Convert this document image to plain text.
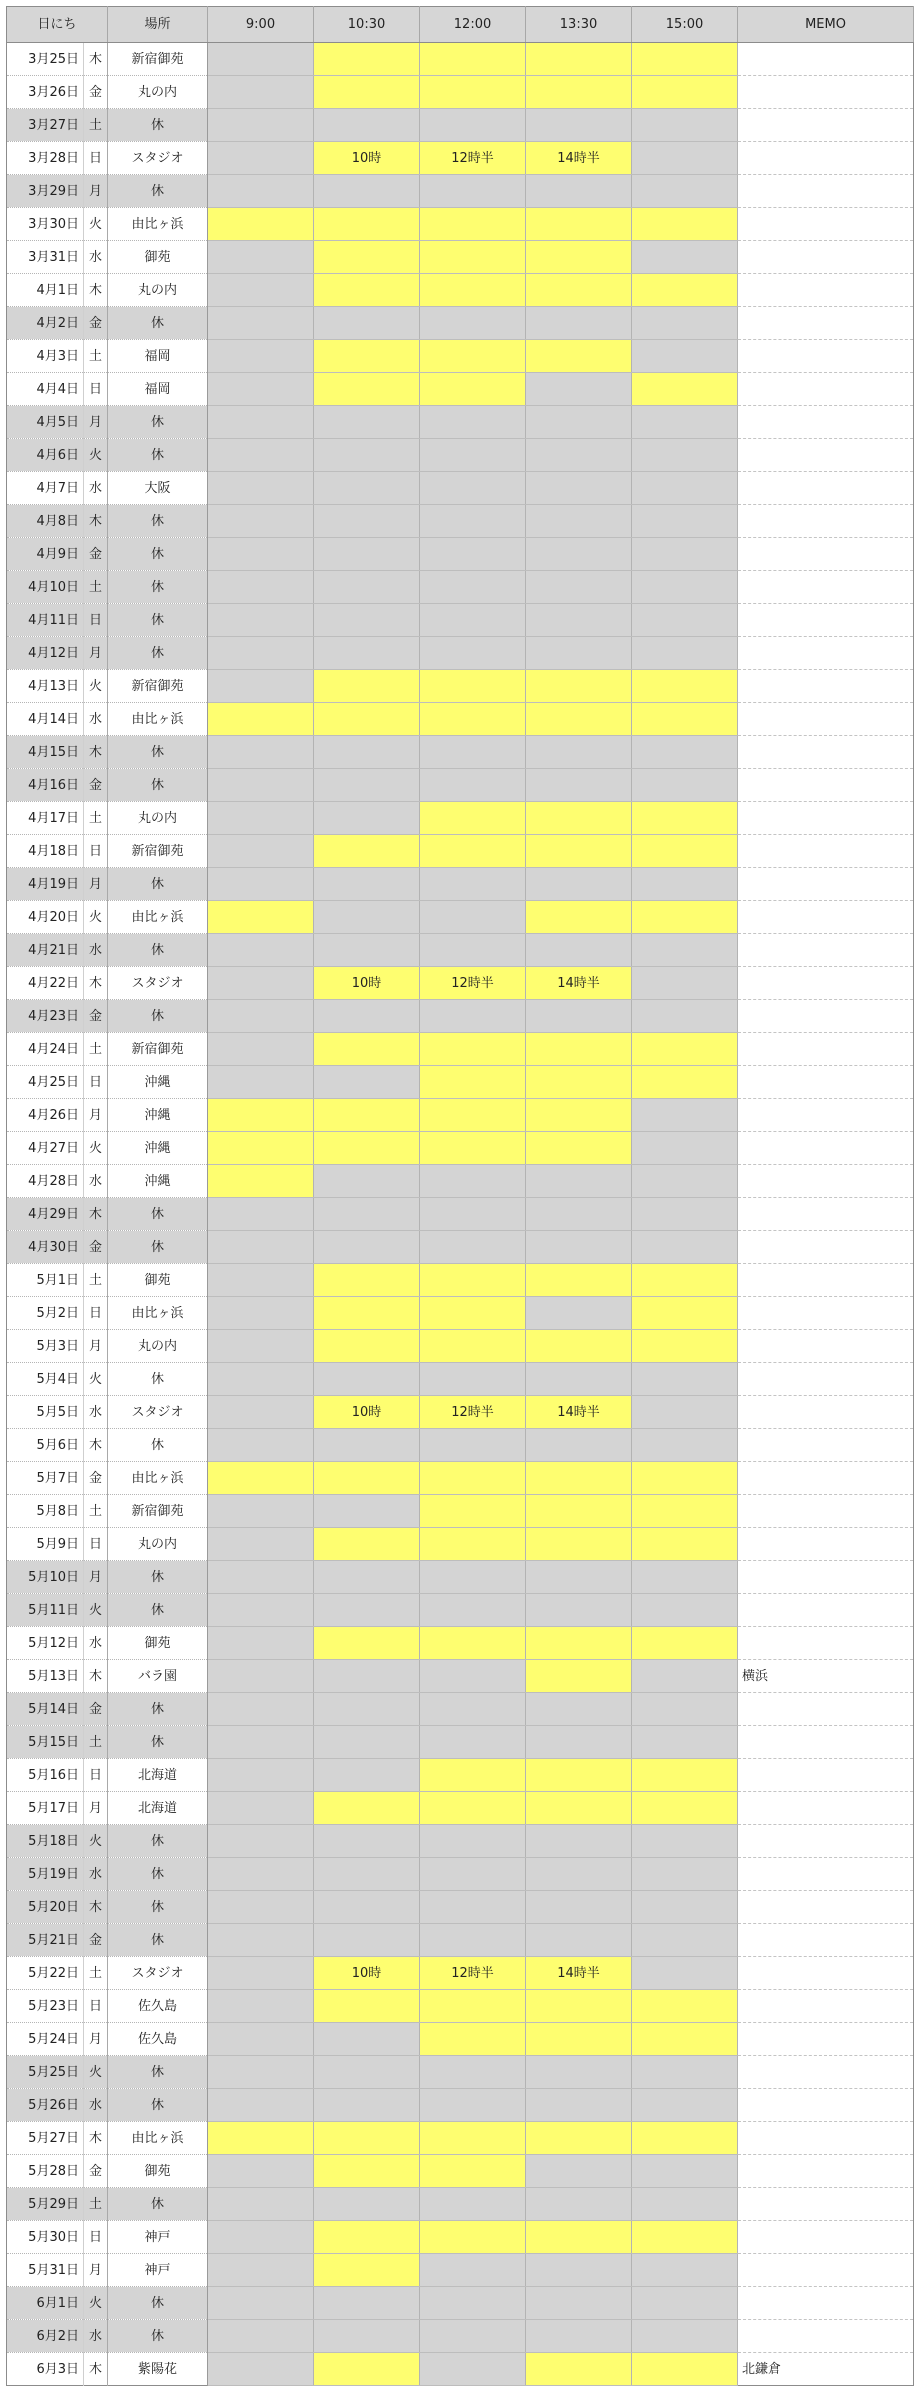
日にち		場所	9:00	10:30	12:00	13:30	15:00	MEMO
3月25日	木	新宿御苑						
3月26日	金	丸の内						
3月27日	土	休						
3月28日	日	スタジオ		10時	12時半	14時半		
3月29日	月	休						
3月30日	火	由比ヶ浜						
3月31日	水	御苑						
4月1日	木	丸の内						
4月2日	金	休						
4月3日	土	福岡						
4月4日	日	福岡						
4月5日	月	休						
4月6日	火	休						
4月7日	水	大阪						
4月8日	木	休						
4月9日	金	休						
4月10日	土	休						
4月11日	日	休						
4月12日	月	休						
4月13日	火	新宿御苑						
4月14日	水	由比ヶ浜						
4月15日	木	休						
4月16日	金	休						
4月17日	土	丸の内						
4月18日	日	新宿御苑						
4月19日	月	休						
4月20日	火	由比ヶ浜						
4月21日	水	休						
4月22日	木	スタジオ		10時	12時半	14時半		
4月23日	金	休						
4月24日	土	新宿御苑						
4月25日	日	沖縄						
4月26日	月	沖縄						
4月27日	火	沖縄						
4月28日	水	沖縄						
4月29日	木	休						
4月30日	金	休						
5月1日	土	御苑						
5月2日	日	由比ヶ浜						
5月3日	月	丸の内						
5月4日	火	休						
5月5日	水	スタジオ		10時	12時半	14時半		
5月6日	木	休						
5月7日	金	由比ヶ浜						
5月8日	土	新宿御苑						
5月9日	日	丸の内						
5月10日	月	休						
5月11日	火	休						
5月12日	水	御苑						
5月13日	木	バラ園						横浜
5月14日	金	休						
5月15日	土	休						
5月16日	日	北海道						
5月17日	月	北海道						
5月18日	火	休						
5月19日	水	休						
5月20日	木	休						
5月21日	金	休						
5月22日	土	スタジオ		10時	12時半	14時半		
5月23日	日	佐久島						
5月24日	月	佐久島						
5月25日	火	休						
5月26日	水	休						
5月27日	木	由比ヶ浜						
5月28日	金	御苑						
5月29日	土	休						
5月30日	日	神戸						
5月31日	月	神戸						
6月1日	火	休						
6月2日	水	休						
6月3日	木	紫陽花						北鎌倉
